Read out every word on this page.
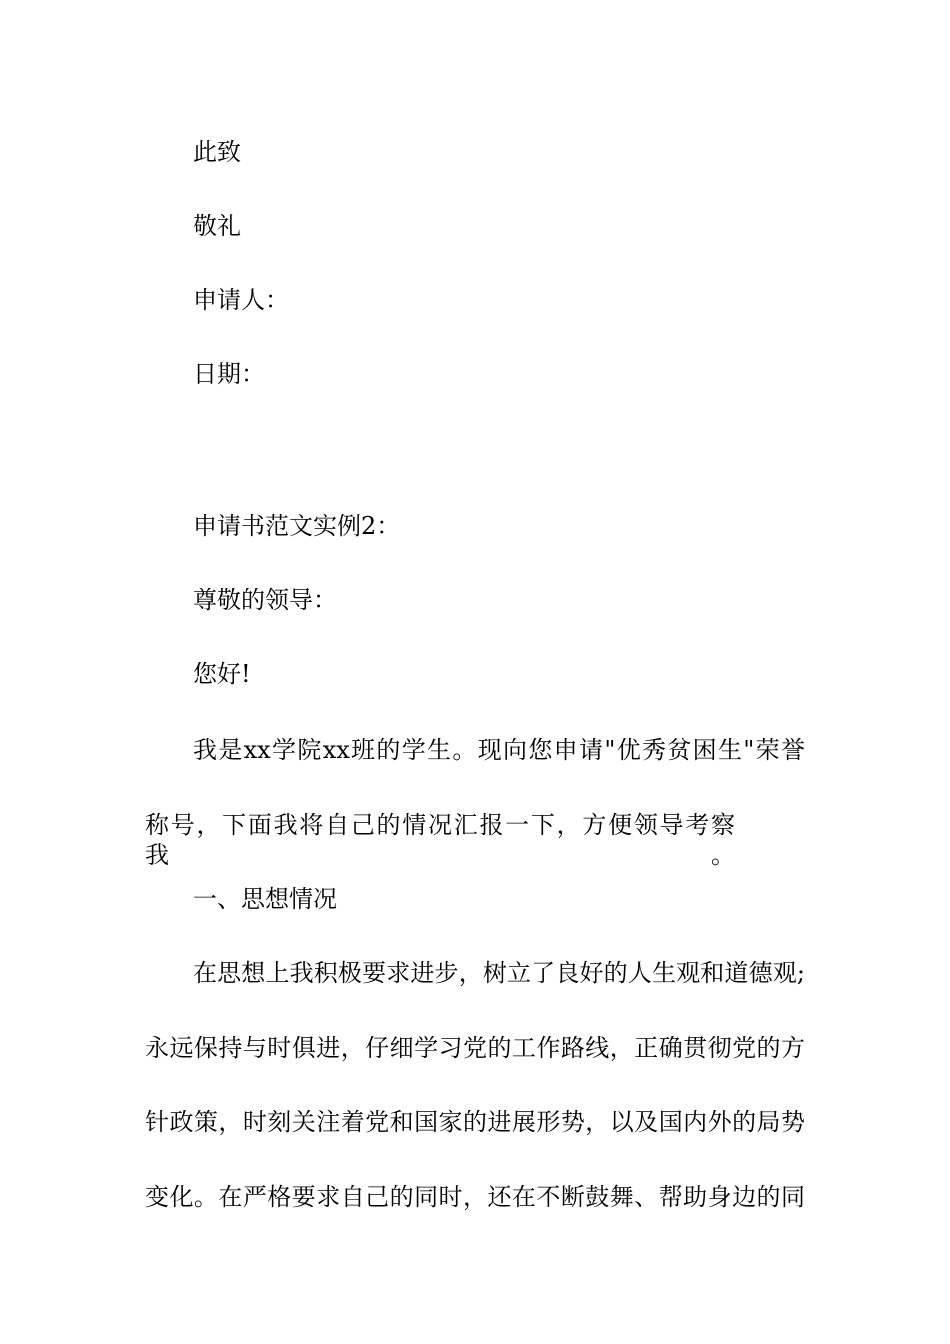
此致
敬礼
申请人：
日期：
申请书范文实例2：
尊敬的领导：
您好!
我是xx学院xx班的学生。现向您申请"优秀贫困生"荣誉
称号，下面我将自己的情况汇报一下，方便领导考察我。
一、思想情况
在思想上我积极要求进步，树立了良好的人生观和道德观;
永远保持与时俱进，仔细学习党的工作路线，正确贯彻党的方
针政策，时刻关注着党和国家的进展形势，以及国内外的局势
变化。在严格要求自己的同时，还在不断鼓舞、帮助身边的同
